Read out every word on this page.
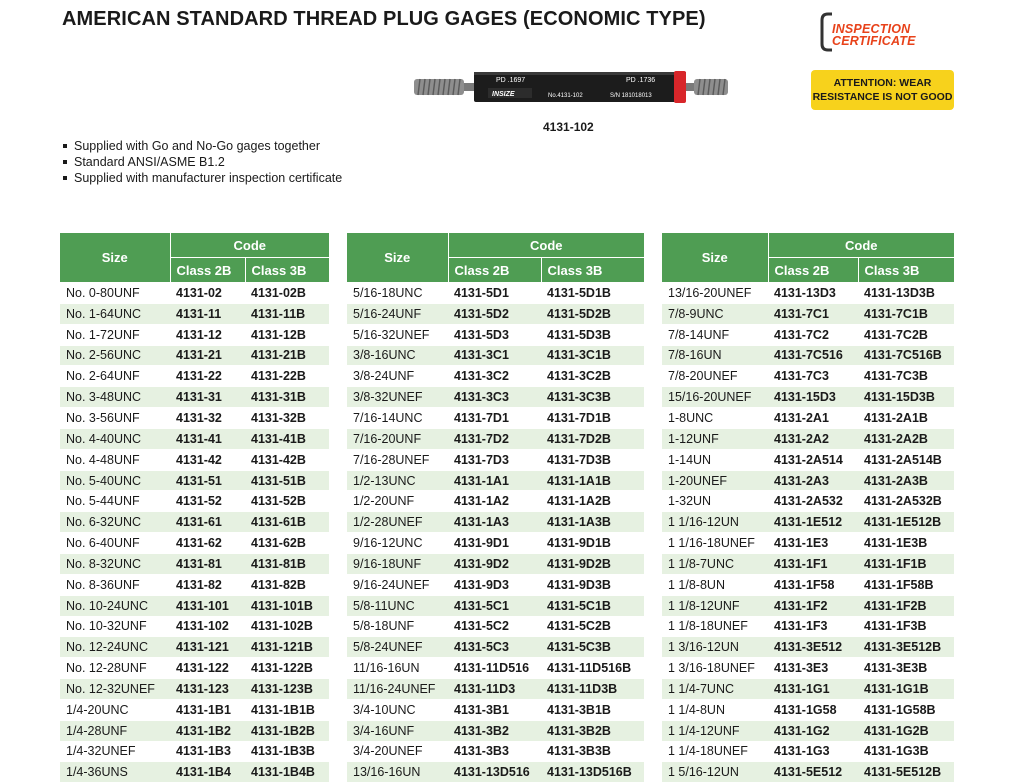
AMERICAN STANDARD THREAD PLUG GAGES (ECONOMIC TYPE)	INSPECTION
CERTIFICATE
ATTENTION: WEAR
RESISTANCE IS NOT GOOD
PD .1697	PD .1736
INSIZE	No.4131-102	S/N 181018013
4131-102
Supplied with Go and No-Go gages together
Standard ANSI/ASME B1.2
Supplied with manufacturer inspection certificate
Size	Code	
	Class 2B	Class 3B
No. 0-80UNF	4131-02	4131-02B
No. 1-64UNC	4131-11	4131-11B
No. 1-72UNF	4131-12	4131-12B
No. 2-56UNC	4131-21	4131-21B
No. 2-64UNF	4131-22	4131-22B
No. 3-48UNC	4131-31	4131-31B
No. 3-56UNF	4131-32	4131-32B
No. 4-40UNC	4131-41	4131-41B
No. 4-48UNF	4131-42	4131-42B
No. 5-40UNC	4131-51	4131-51B
No. 5-44UNF	4131-52	4131-52B
No. 6-32UNC	4131-61	4131-61B
No. 6-40UNF	4131-62	4131-62B
No. 8-32UNC	4131-81	4131-81B
No. 8-36UNF	4131-82	4131-82B
No. 10-24UNC	4131-101	4131-101B
No. 10-32UNF	4131-102	4131-102B
No. 12-24UNC	4131-121	4131-121B
No. 12-28UNF	4131-122	4131-122B
No. 12-32UNEF	4131-123	4131-123B
1/4-20UNC	4131-1B1	4131-1B1B
1/4-28UNF	4131-1B2	4131-1B2B
1/4-32UNEF	4131-1B3	4131-1B3B
1/4-36UNS	4131-1B4	4131-1B4B
Size	Code	
	Class 2B	Class 3B
5/16-18UNC	4131-5D1	4131-5D1B
5/16-24UNF	4131-5D2	4131-5D2B
5/16-32UNEF	4131-5D3	4131-5D3B
3/8-16UNC	4131-3C1	4131-3C1B
3/8-24UNF	4131-3C2	4131-3C2B
3/8-32UNEF	4131-3C3	4131-3C3B
7/16-14UNC	4131-7D1	4131-7D1B
7/16-20UNF	4131-7D2	4131-7D2B
7/16-28UNEF	4131-7D3	4131-7D3B
1/2-13UNC	4131-1A1	4131-1A1B
1/2-20UNF	4131-1A2	4131-1A2B
1/2-28UNEF	4131-1A3	4131-1A3B
9/16-12UNC	4131-9D1	4131-9D1B
9/16-18UNF	4131-9D2	4131-9D2B
9/16-24UNEF	4131-9D3	4131-9D3B
5/8-11UNC	4131-5C1	4131-5C1B
5/8-18UNF	4131-5C2	4131-5C2B
5/8-24UNEF	4131-5C3	4131-5C3B
11/16-16UN	4131-11D516	4131-11D516B
11/16-24UNEF	4131-11D3	4131-11D3B
3/4-10UNC	4131-3B1	4131-3B1B
3/4-16UNF	4131-3B2	4131-3B2B
3/4-20UNEF	4131-3B3	4131-3B3B
13/16-16UN	4131-13D516	4131-13D516B
Size	Code	
	Class 2B	Class 3B
13/16-20UNEF	4131-13D3	4131-13D3B
7/8-9UNC	4131-7C1	4131-7C1B
7/8-14UNF	4131-7C2	4131-7C2B
7/8-16UN	4131-7C516	4131-7C516B
7/8-20UNEF	4131-7C3	4131-7C3B
15/16-20UNEF	4131-15D3	4131-15D3B
1-8UNC	4131-2A1	4131-2A1B
1-12UNF	4131-2A2	4131-2A2B
1-14UN	4131-2A514	4131-2A514B
1-20UNEF	4131-2A3	4131-2A3B
1-32UN	4131-2A532	4131-2A532B
1 1/16-12UN	4131-1E512	4131-1E512B
1 1/16-18UNEF	4131-1E3	4131-1E3B
1 1/8-7UNC	4131-1F1	4131-1F1B
1 1/8-8UN	4131-1F58	4131-1F58B
1 1/8-12UNF	4131-1F2	4131-1F2B
1 1/8-18UNEF	4131-1F3	4131-1F3B
1 3/16-12UN	4131-3E512	4131-3E512B
1 3/16-18UNEF	4131-3E3	4131-3E3B
1 1/4-7UNC	4131-1G1	4131-1G1B
1 1/4-8UN	4131-1G58	4131-1G58B
1 1/4-12UNF	4131-1G2	4131-1G2B
1 1/4-18UNEF	4131-1G3	4131-1G3B
1 5/16-12UN	4131-5E512	4131-5E512B
